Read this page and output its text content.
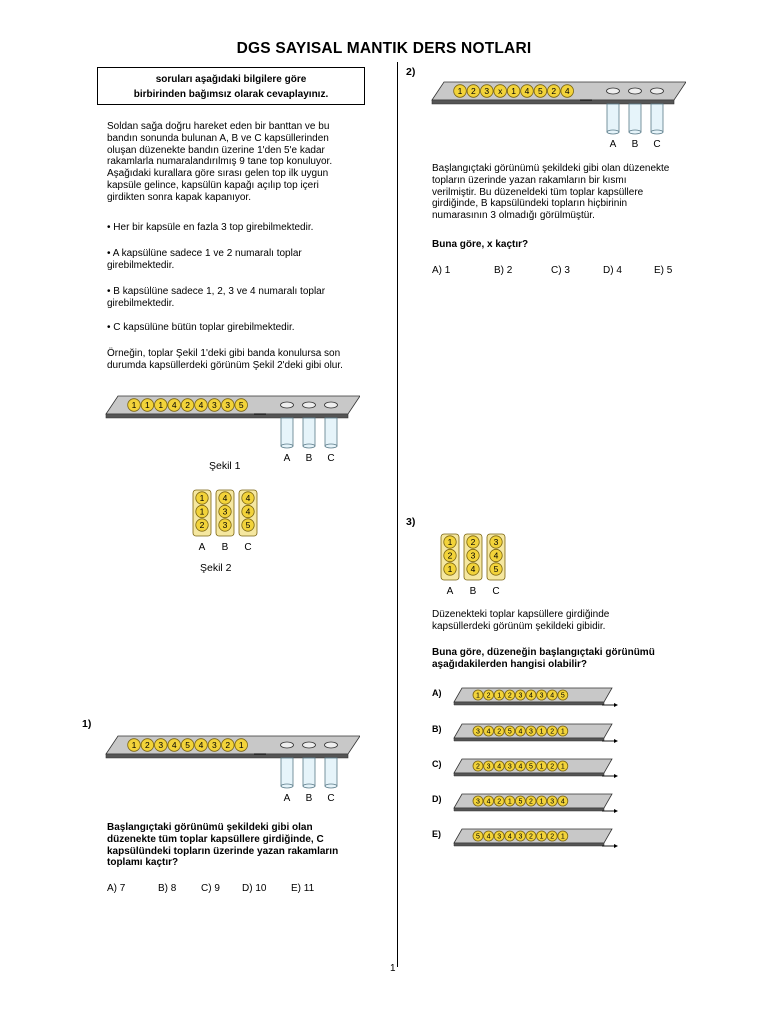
DGS SAYISAL MANTIK DERS NOTLARI
soruları aşağıdaki bilgilere göre
birbirinden bağımsız olarak cevaplayınız.
Soldan sağa doğru hareket eden bir banttan ve bu
bandın sonunda bulunan A, B ve C kapsüllerinden
oluşan düzenekte bandın üzerine 1'den 5'e kadar
rakamlarla numaralandırılmış 9 tane top konuluyor.
Aşağıdaki kurallara göre sırası gelen top ilk uygun
kapsüle gelince, kapsülün kapağı açılıp top içeri
girdikten sonra kapak kapanıyor.
• Her bir kapsüle en fazla 3 top girebilmektedir.
• A kapsülüne sadece 1 ve 2 numaralı toplar
girebilmektedir.
• B kapsülüne sadece 1, 2, 3 ve 4 numaralı toplar
girebilmektedir.
• C kapsülüne bütün toplar girebilmektedir.
Örneğin, toplar Şekil 1'deki gibi banda konulursa son
durumda kapsüllerdeki görünüm Şekil 2'deki gibi olur.
1 1 1 4 2 4 3 3 5
A B C
Şekil 1
1
1
2
A
4
3
3
B
4
4
5
C
Şekil 2
1)
1 2 3 4 5 4 3 2 1
A B C
Başlangıçtaki görünümü şekildeki gibi olan
düzenekte tüm toplar kapsüllere girdiğinde, C
kapsülündeki topların üzerinde yazan rakamların
toplamı kaçtır?
A) 7	B) 8 C) 9 D) 10 E) 11
2)
1 2 3 x 1 4 5 2 4
A B C
Başlangıçtaki görünümü şekildeki gibi olan düzenekte
topların üzerinde yazan rakamların bir kısmı
verilmiştir. Bu düzeneldeki tüm toplar kapsüllere
girdiğinde, B kapsülündeki topların hiçbirinin
numarasının 3 olmadığı görülmüştür.
Buna göre, x kaçtır?
A) 1	B) 2	C) 3	D) 4	E) 5
3)
1
2
1
A
2
3
4
B
3
4
5
C
Düzenekteki toplar kapsüllere girdiğinde
kapsüllerdeki görünüm şekildeki gibidir.
Buna göre, düzeneğin başlangıçtaki görünümü
aşağıdakilerden hangisi olabilir?
A)	1 2 1 2 3 4 3 4 5
B)	3 4 2 5 4 3 1 2 1
C)	2 3 4 3 4 5 1 2 1
D)	3 4 2 1 5 2 1 3 4
E)	5 4 3 4 3 2 1 2 1
1
